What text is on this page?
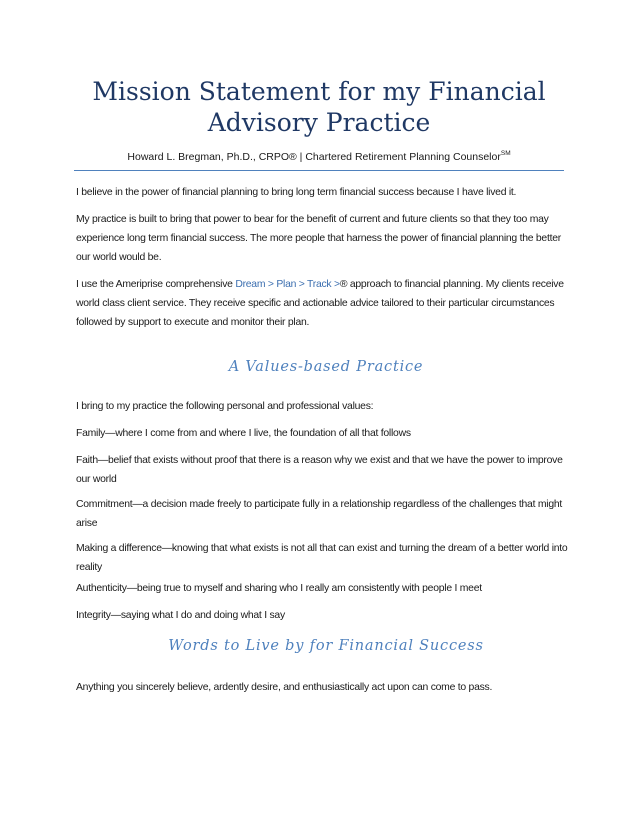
Mission Statement for my Financial
Advisory Practice
Howard L. Bregman, Ph.D., CRPO® | Chartered Retirement Planning Counselor℠

I believe in the power of financial planning to bring long term financial success because I have lived it.

My practice is built to bring that power to bear for the benefit of current and future clients so that they too may experience long term financial success. The more people that harness the power of financial planning the better our world would be.

I use the Ameriprise comprehensive Dream > Plan > Track >® approach to financial planning. My clients receive world class client service. They receive specific and actionable advice tailored to their particular circumstances followed by support to execute and monitor their plan.

A Values-based Practice

I bring to my practice the following personal and professional values:

Family—where I come from and where I live, the foundation of all that follows

Faith—belief that exists without proof that there is a reason why we exist and that we have the power to improve our world

Commitment—a decision made freely to participate fully in a relationship regardless of the challenges that might arise

Making a difference—knowing that what exists is not all that can exist and turning the dream of a better world into reality

Authenticity—being true to myself and sharing who I really am consistently with people I meet

Integrity—saying what I do and doing what I say

Words to Live by for Financial Success

Anything you sincerely believe, ardently desire, and enthusiastically act upon can come to pass.
